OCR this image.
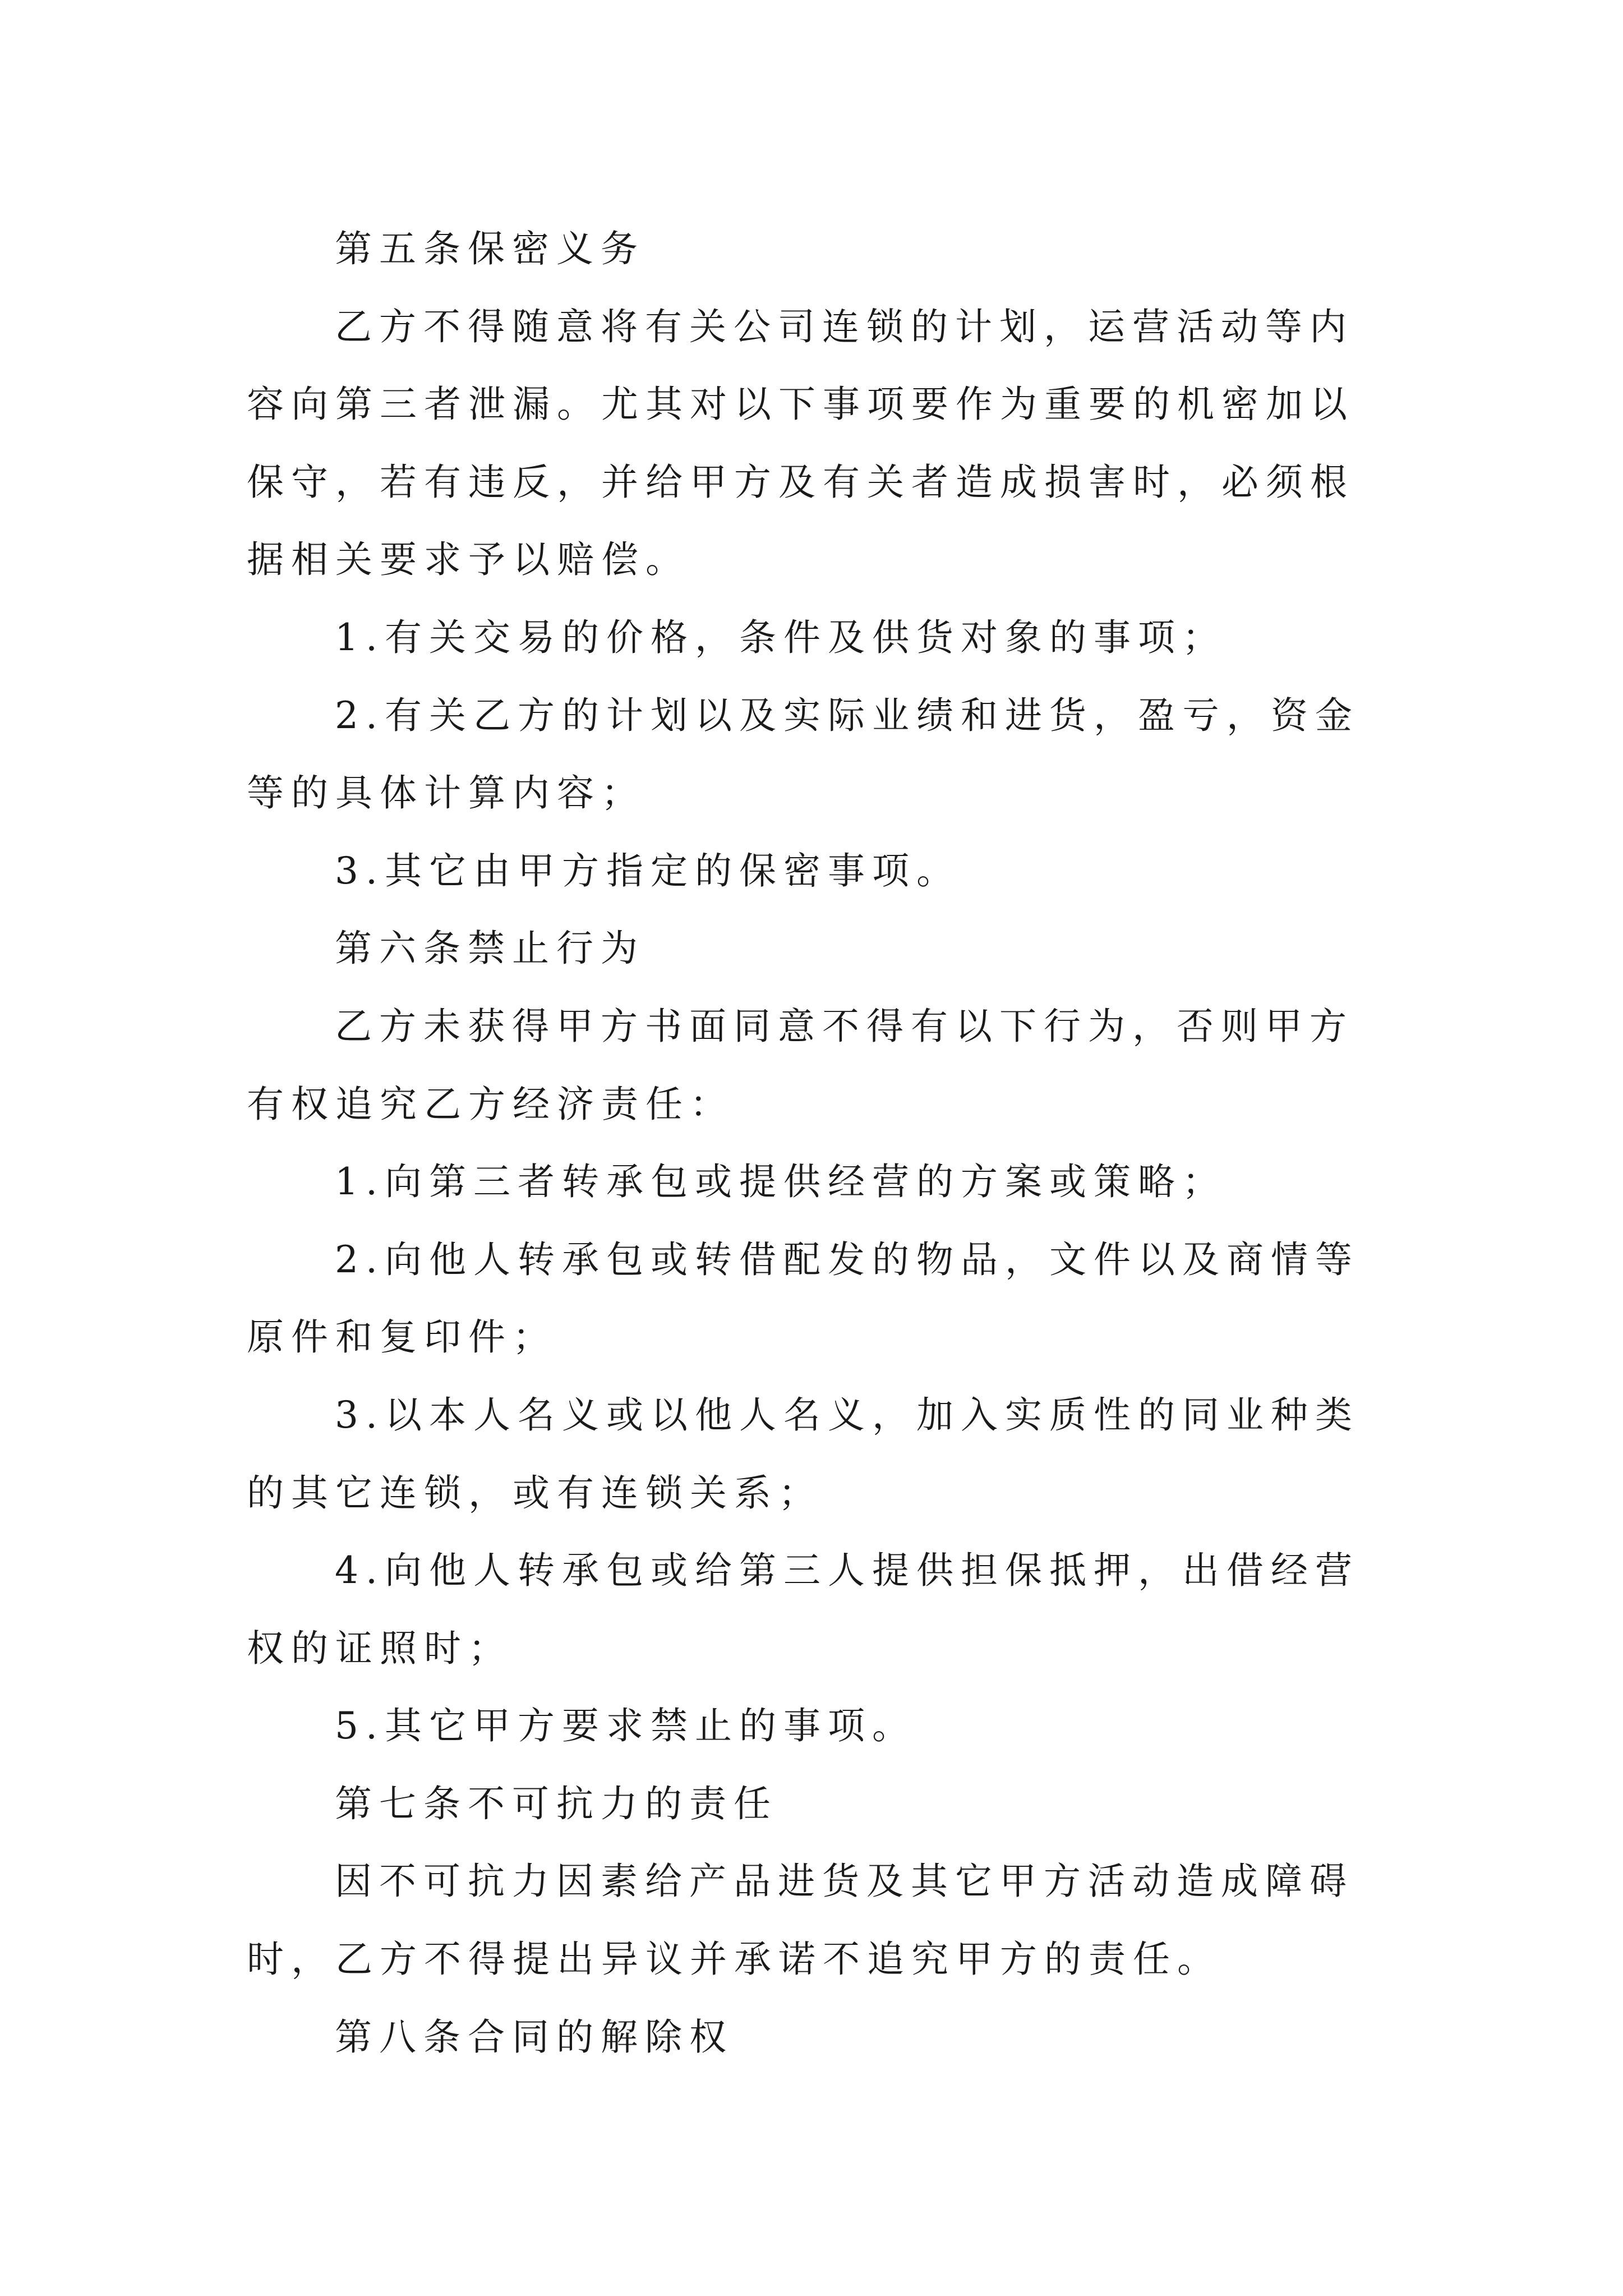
第五条保密义务

乙方不得随意将有关公司连锁的计划，运营活动等内容向第三者泄漏。尤其对以下事项要作为重要的机密加以保守，若有违反，并给甲方及有关者造成损害时，必须根据相关要求予以赔偿。

1.有关交易的价格，条件及供货对象的事项；

2.有关乙方的计划以及实际业绩和进货，盈亏，资金等的具体计算内容；

3.其它由甲方指定的保密事项。

第六条禁止行为

乙方未获得甲方书面同意不得有以下行为，否则甲方有权追究乙方经济责任：

1.向第三者转承包或提供经营的方案或策略；

2.向他人转承包或转借配发的物品，文件以及商情等原件和复印件；

3.以本人名义或以他人名义，加入实质性的同业种类的其它连锁，或有连锁关系；

4.向他人转承包或给第三人提供担保抵押，出借经营权的证照时；

5.其它甲方要求禁止的事项。

第七条不可抗力的责任

因不可抗力因素给产品进货及其它甲方活动造成障碍时，乙方不得提出异议并承诺不追究甲方的责任。

第八条合同的解除权
